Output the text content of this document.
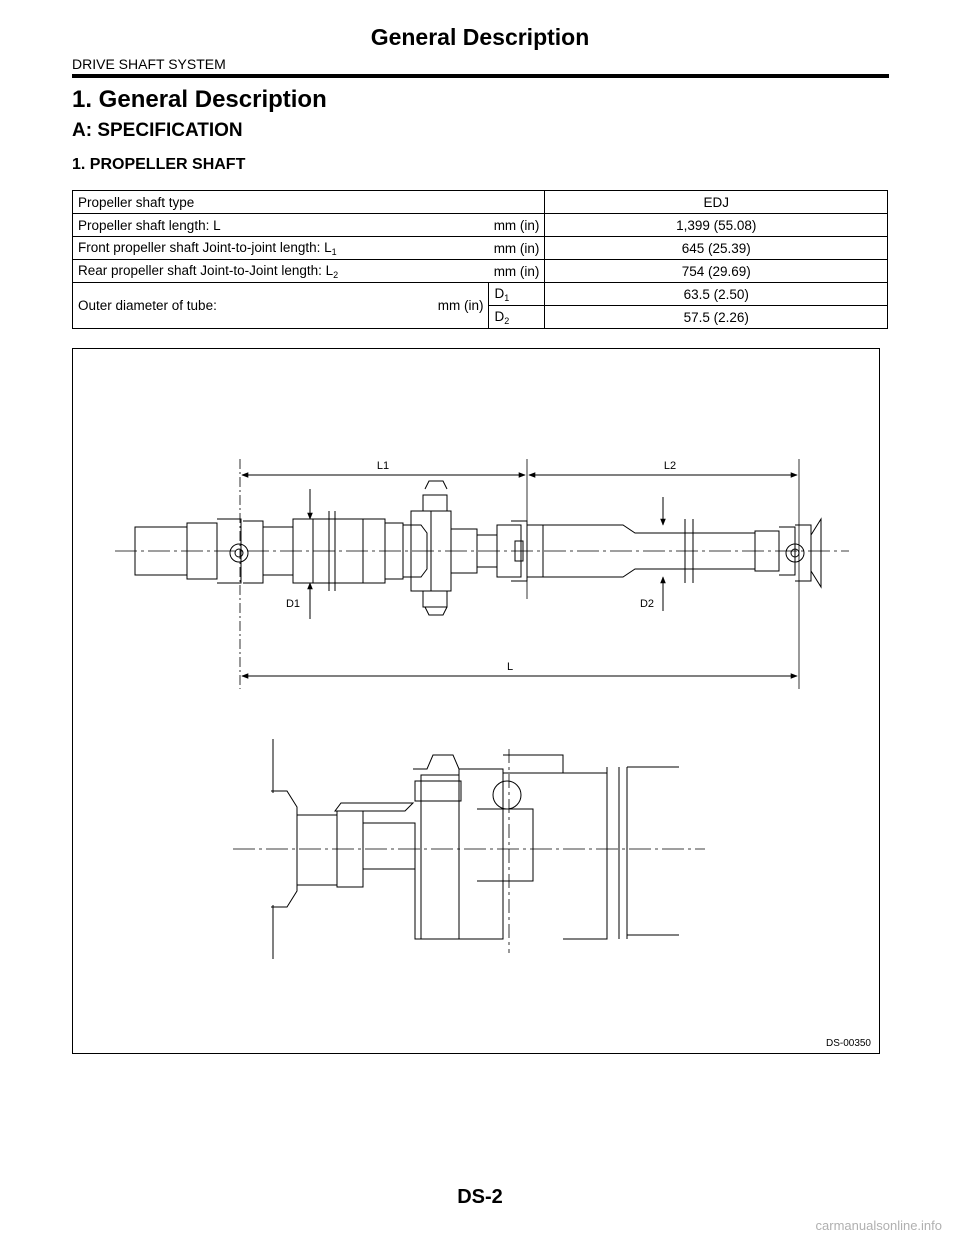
General Description
DRIVE SHAFT SYSTEM
1. General Description
A: SPECIFICATION
1. PROPELLER SHAFT
Propeller shaft type		EDJ

Propeller shaft length: L mm (in)		1,399 (55.08)

Front propeller shaft Joint-to-joint length: $L_1$ mm (in)		645 (25.39)

Rear propeller shaft Joint-to-Joint length: $L_2$ mm (in)		754 (29.69)

Outer diameter of tube: mm (in)	$D_1$	63.5 (2.50)
	$D_2$	57.5 (2.26)
L1	L2
L
D1	D2
DS-00350
DS-2
carmanualsonline.info
